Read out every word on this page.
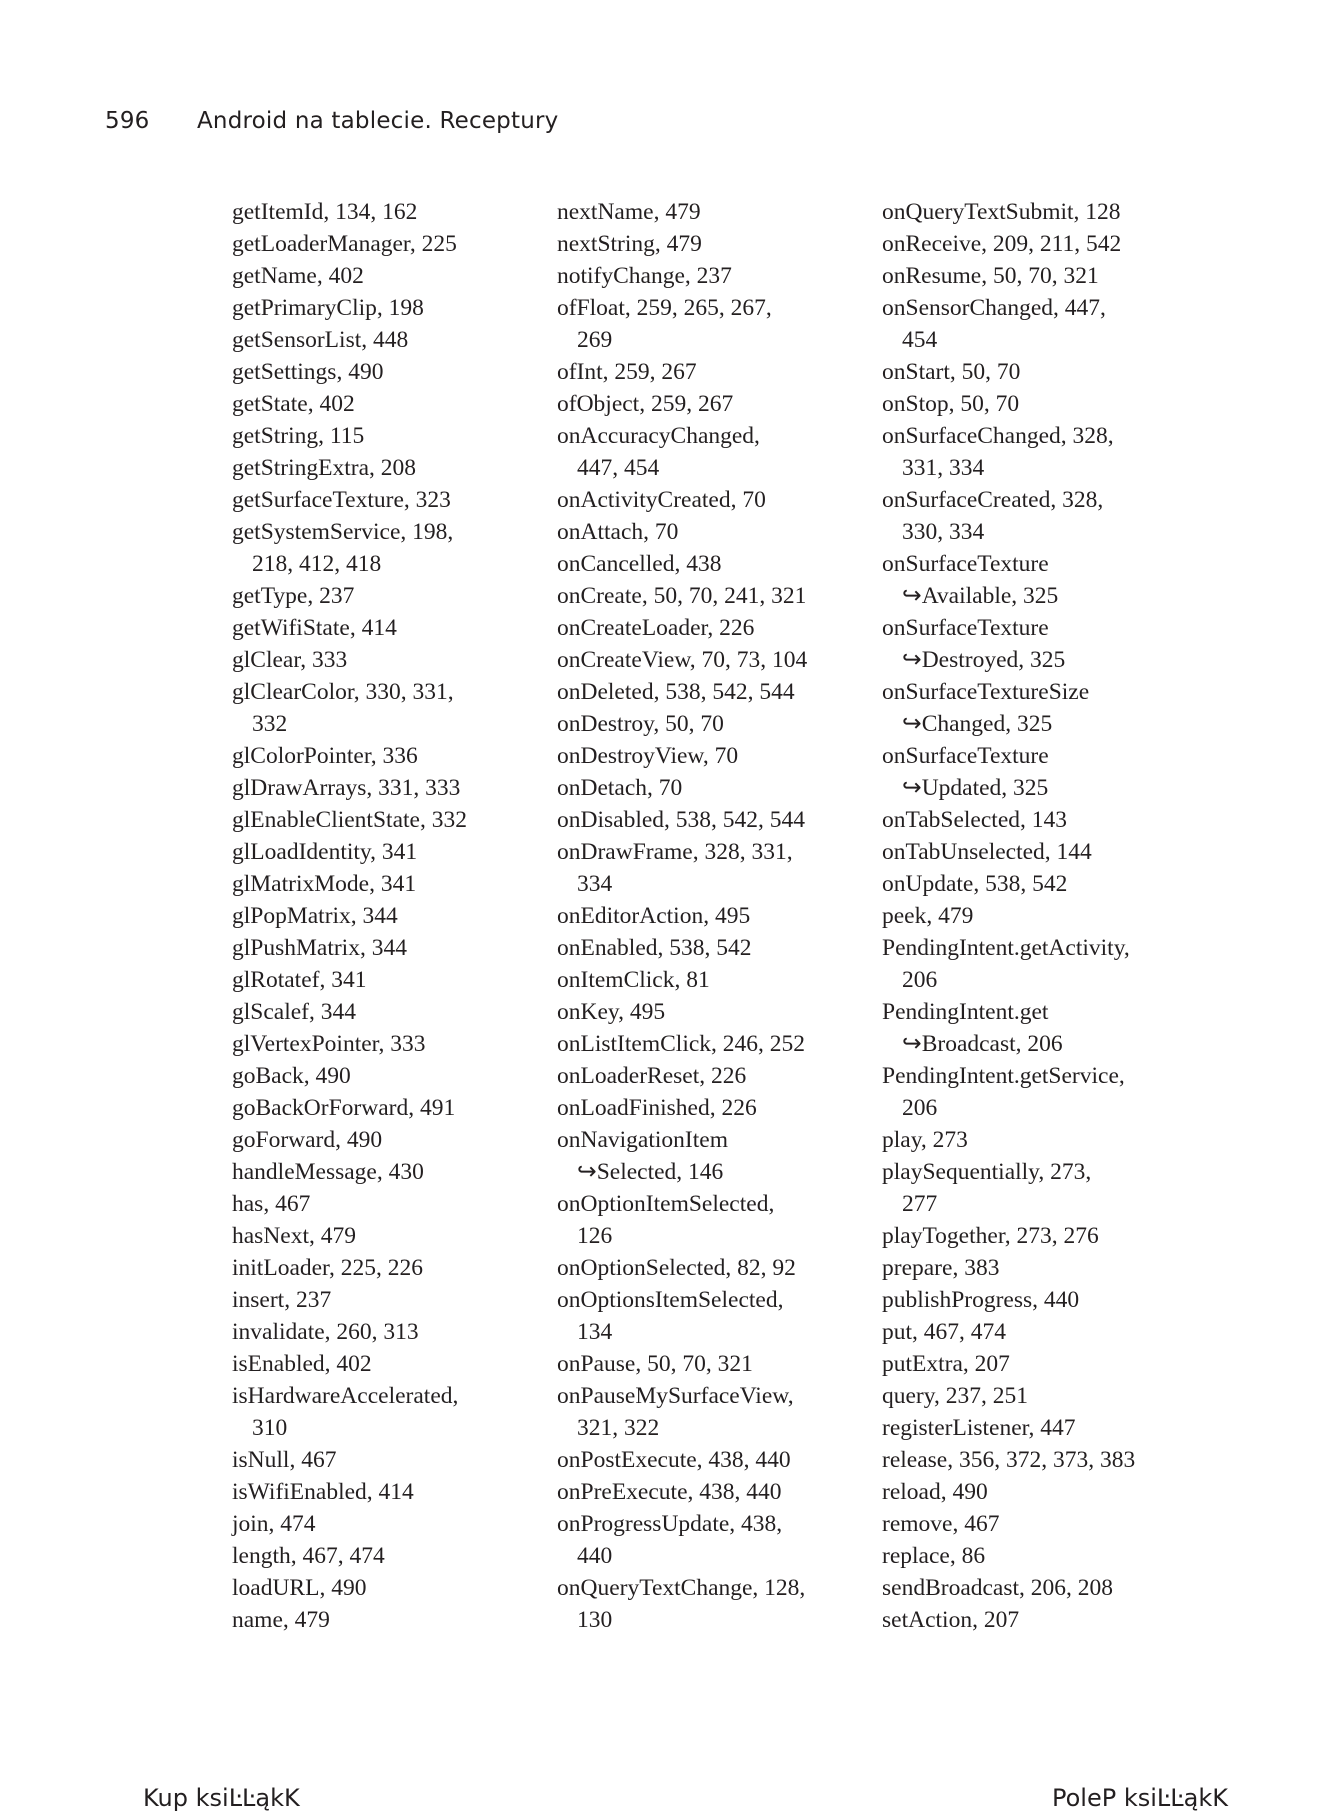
596 Android na tablecie. Receptury
getItemId, 134, 162
getLoaderManager, 225
getName, 402
getPrimaryClip, 198
getSensorList, 448
getSettings, 490
getState, 402
getString, 115
getStringExtra, 208
getSurfaceTexture, 323
getSystemService, 198,
218, 412, 418
getType, 237
getWifiState, 414
glClear, 333
glClearColor, 330, 331,
332
glColorPointer, 336
glDrawArrays, 331, 333
glEnableClientState, 332
glLoadIdentity, 341
glMatrixMode, 341
glPopMatrix, 344
glPushMatrix, 344
glRotatef, 341
glScalef, 344
glVertexPointer, 333
goBack, 490
goBackOrForward, 491
goForward, 490
handleMessage, 430
has, 467
hasNext, 479
initLoader, 225, 226
insert, 237
invalidate, 260, 313
isEnabled, 402
isHardwareAccelerated,
310
isNull, 467
isWifiEnabled, 414
join, 474
length, 467, 474
loadURL, 490
name, 479
nextName, 479
nextString, 479
notifyChange, 237
ofFloat, 259, 265, 267,
269
ofInt, 259, 267
ofObject, 259, 267
onAccuracyChanged,
447, 454
onActivityCreated, 70
onAttach, 70
onCancelled, 438
onCreate, 50, 70, 241, 321
onCreateLoader, 226
onCreateView, 70, 73, 104
onDeleted, 538, 542, 544
onDestroy, 50, 70
onDestroyView, 70
onDetach, 70
onDisabled, 538, 542, 544
onDrawFrame, 328, 331,
334
onEditorAction, 495
onEnabled, 538, 542
onItemClick, 81
onKey, 495
onListItemClick, 246, 252
onLoaderReset, 226
onLoadFinished, 226
onNavigationItem
↪Selected, 146
onOptionItemSelected,
126
onOptionSelected, 82, 92
onOptionsItemSelected,
134
onPause, 50, 70, 321
onPauseMySurfaceView,
321, 322
onPostExecute, 438, 440
onPreExecute, 438, 440
onProgressUpdate, 438,
440
onQueryTextChange, 128,
130
onQueryTextSubmit, 128
onReceive, 209, 211, 542
onResume, 50, 70, 321
onSensorChanged, 447,
454
onStart, 50, 70
onStop, 50, 70
onSurfaceChanged, 328,
331, 334
onSurfaceCreated, 328,
330, 334
onSurfaceTexture
↪Available, 325
onSurfaceTexture
↪Destroyed, 325
onSurfaceTextureSize
↪Changed, 325
onSurfaceTexture
↪Updated, 325
onTabSelected, 143
onTabUnselected, 144
onUpdate, 538, 542
peek, 479
PendingIntent.getActivity,
206
PendingIntent.get
↪Broadcast, 206
PendingIntent.getService,
206
play, 273
playSequentially, 273,
277
playTogether, 273, 276
prepare, 383
publishProgress, 440
put, 467, 474
putExtra, 207
query, 237, 251
registerListener, 447
release, 356, 372, 373, 383
reload, 490
remove, 467
replace, 86
sendBroadcast, 206, 208
setAction, 207
Kup ksiĿĿąkK	PoleP ksiĿĿąkK
